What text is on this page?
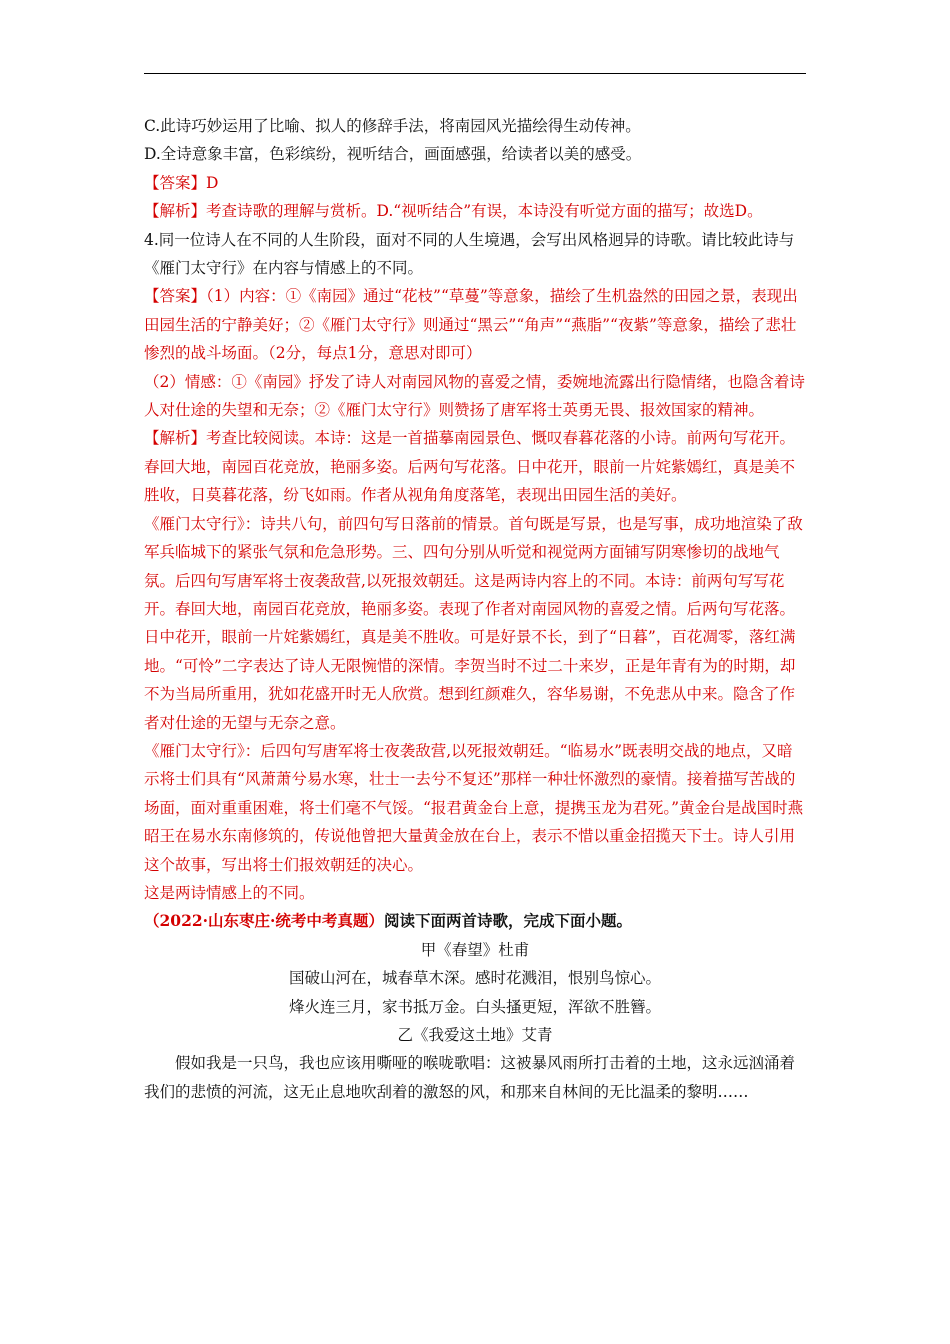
C.此诗巧妙运用了比喻、拟人的修辞手法，将南园风光描绘得生动传神。

D.全诗意象丰富，色彩缤纷，视听结合，画面感强，给读者以美的感受。

【答案】D

【解析】考查诗歌的理解与赏析。D.“视听结合”有误，本诗没有听觉方面的描写；故选D。

4.同一位诗人在不同的人生阶段，面对不同的人生境遇，会写出风格迥异的诗歌。请比较此诗与《雁门太守行》在内容与情感上的不同。

【答案】（1）内容：①《南园》通过“花枝”“草蔓”等意象，描绘了生机盎然的田园之景，表现出田园生活的宁静美好；②《雁门太守行》则通过“黑云”“角声”“燕脂”“夜紫”等意象，描绘了悲壮惨烈的战斗场面。（2分，每点1分，意思对即可）

（2）情感：①《南园》抒发了诗人对南园风物的喜爱之情，委婉地流露出行隐情绪，也隐含着诗人对仕途的失望和无奈；②《雁门太守行》则赞扬了唐军将士英勇无畏、报效国家的精神。

【解析】考查比较阅读。本诗：这是一首描摹南园景色、慨叹春暮花落的小诗。前两句写花开。春回大地，南园百花竞放，艳丽多姿。后两句写花落。日中花开，眼前一片姹紫嫣红，真是美不胜收，日莫暮花落，纷飞如雨。作者从视角角度落笔，表现出田园生活的美好。

《雁门太守行》：诗共八句，前四句写日落前的情景。首句既是写景，也是写事，成功地渲染了敌军兵临城下的紧张气氛和危急形势。三、四句分别从听觉和视觉两方面铺写阴寒惨切的战地气氛。后四句写唐军将士夜袭敌营,以死报效朝廷。这是两诗内容上的不同。本诗：前两句写写花开。春回大地，南园百花竞放，艳丽多姿。表现了作者对南园风物的喜爱之情。后两句写花落。日中花开，眼前一片姹紫嫣红，真是美不胜收。可是好景不长，到了“日暮”，百花凋零，落红满地。“可怜”二字表达了诗人无限惋惜的深情。李贺当时不过二十来岁，正是年青有为的时期，却不为当局所重用，犹如花盛开时无人欣赏。想到红颜难久，容华易谢，不免悲从中来。隐含了作者对仕途的无望与无奈之意。

《雁门太守行》：后四句写唐军将士夜袭敌营,以死报效朝廷。“临易水”既表明交战的地点，又暗示将士们具有“风萧萧兮易水寒，壮士一去兮不复还”那样一种壮怀激烈的豪情。接着描写苦战的场面，面对重重困难，将士们毫不气馁。“报君黄金台上意，提携玉龙为君死。”黄金台是战国时燕昭王在易水东南修筑的，传说他曾把大量黄金放在台上，表示不惜以重金招揽天下士。诗人引用这个故事，写出将士们报效朝廷的决心。

这是两诗情感上的不同。

（2022·山东枣庄·统考中考真题）阅读下面两首诗歌，完成下面小题。

甲《春望》杜甫

国破山河在，城春草木深。感时花溅泪，恨别鸟惊心。

烽火连三月，家书抵万金。白头搔更短，浑欲不胜簪。

乙《我爱这土地》艾青

假如我是一只鸟，我也应该用嘶哑的喉咙歌唱：这被暴风雨所打击着的土地，这永远汹涌着我们的悲愤的河流，这无止息地吹刮着的激怒的风，和那来自林间的无比温柔的黎明……
